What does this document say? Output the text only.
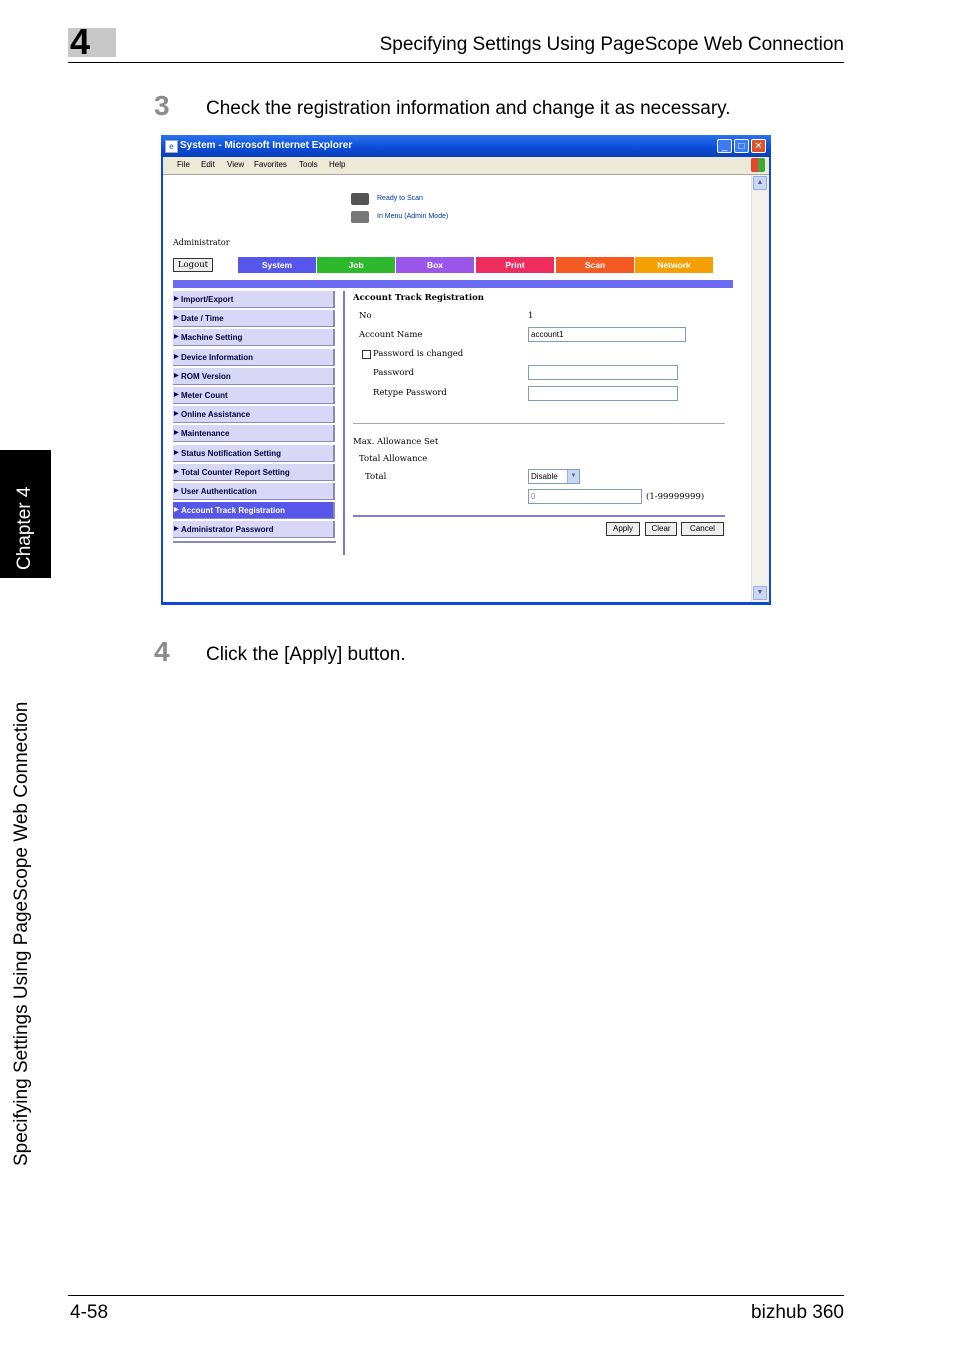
4	Specifying Settings Using PageScope Web Connection
Chapter 4
Specifying Settings Using PageScope Web Connection
3 Check the registration information and change it as necessary.
e System - Microsoft Internet Explorer	_	□ ✕
File Edit View Favorites Tools Help
Ready to Scan
In Menu (Admin Mode)
Administrator
Logout	System	Job	Box	Print	Scan	Network
▶ Import/Export
▶ Date / Time
▶ Machine Setting
▶ Device Information
▶ ROM Version
▶ Meter Count
▶ Online Assistance
▶ Maintenance
▶ Status Notification Setting
▶ Total Counter Report Setting
▶ User Authentication
▶ Account Track Registration
▶ Administrator Password
Account Track Registration
No	1
Account Name	account1
Password is changed
Password
Retype Password
Max. Allowance Set
Total Allowance
Total	Disable	▼
0	(1-99999999)
Apply	Clear	Cancel
▲
▼
4 Click the [Apply] button.
4-58	bizhub 360
